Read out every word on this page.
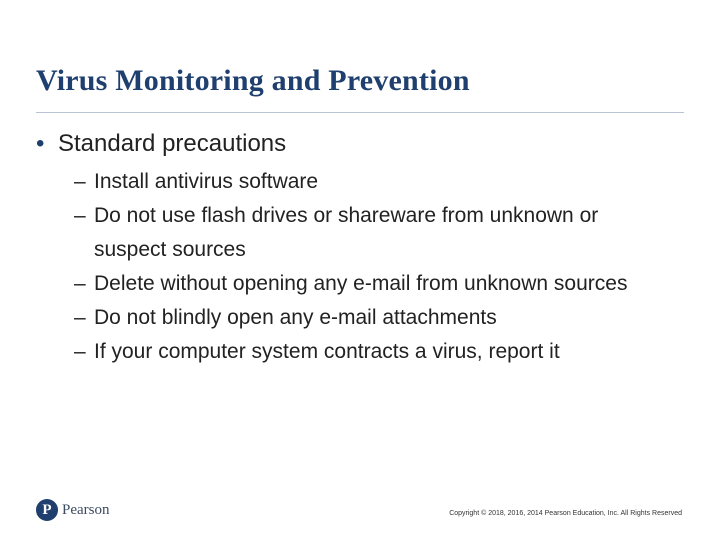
Virus Monitoring and Prevention
• Standard precautions
– Install antivirus software
– Do not use flash drives or shareware from unknown or suspect sources
– Delete without opening any e-mail from unknown sources
– Do not blindly open any e-mail attachments
– If your computer system contracts a virus, report it
P Pearson	Copyright © 2018, 2016, 2014 Pearson Education, Inc. All Rights Reserved
